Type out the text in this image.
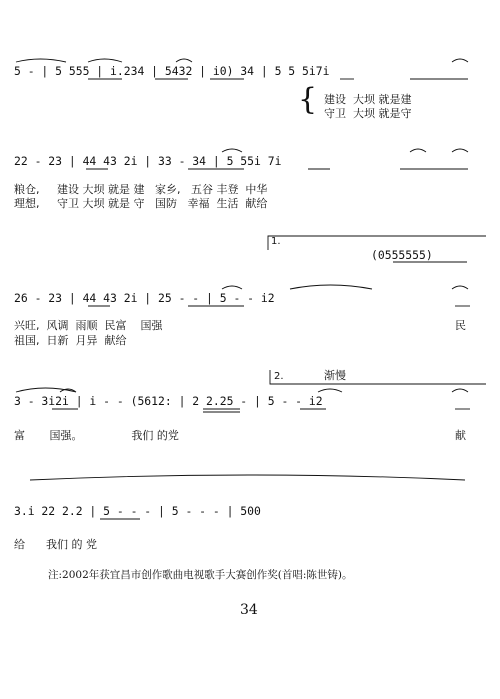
5 - | 5 555 | i.234 | 5432 | i0) 34 | 5 5 5i7i
{ 建设  大坝 就是建
守卫  大坝 就是守
22 - 23 | 44 43 2i | 33 - 34 | 5 55i 7i
粮仓,     建设 大坝 就是 建   家乡,   五谷 丰登  中华
理想,     守卫 大坝 就是 守   国防   幸福  生活  献给
1.
(0555555)
26 - 23 | 44 43 2i | 25 - - | 5 - - i2
兴旺,  风调  雨顺  民富    国强	民
祖国,  日新  月异  献给
2.	渐慢
3 - 3i2i | i - - (5612: | 2 2.25 - | 5 - - i2
富       国强。              我们 的党	献
3.i 22 2.2 | 5 - - - | 5 - - - | 500
给      我们 的 党
注:2002年获宜昌市创作歌曲电视歌手大赛创作奖(首唱:陈世铸)。
34
